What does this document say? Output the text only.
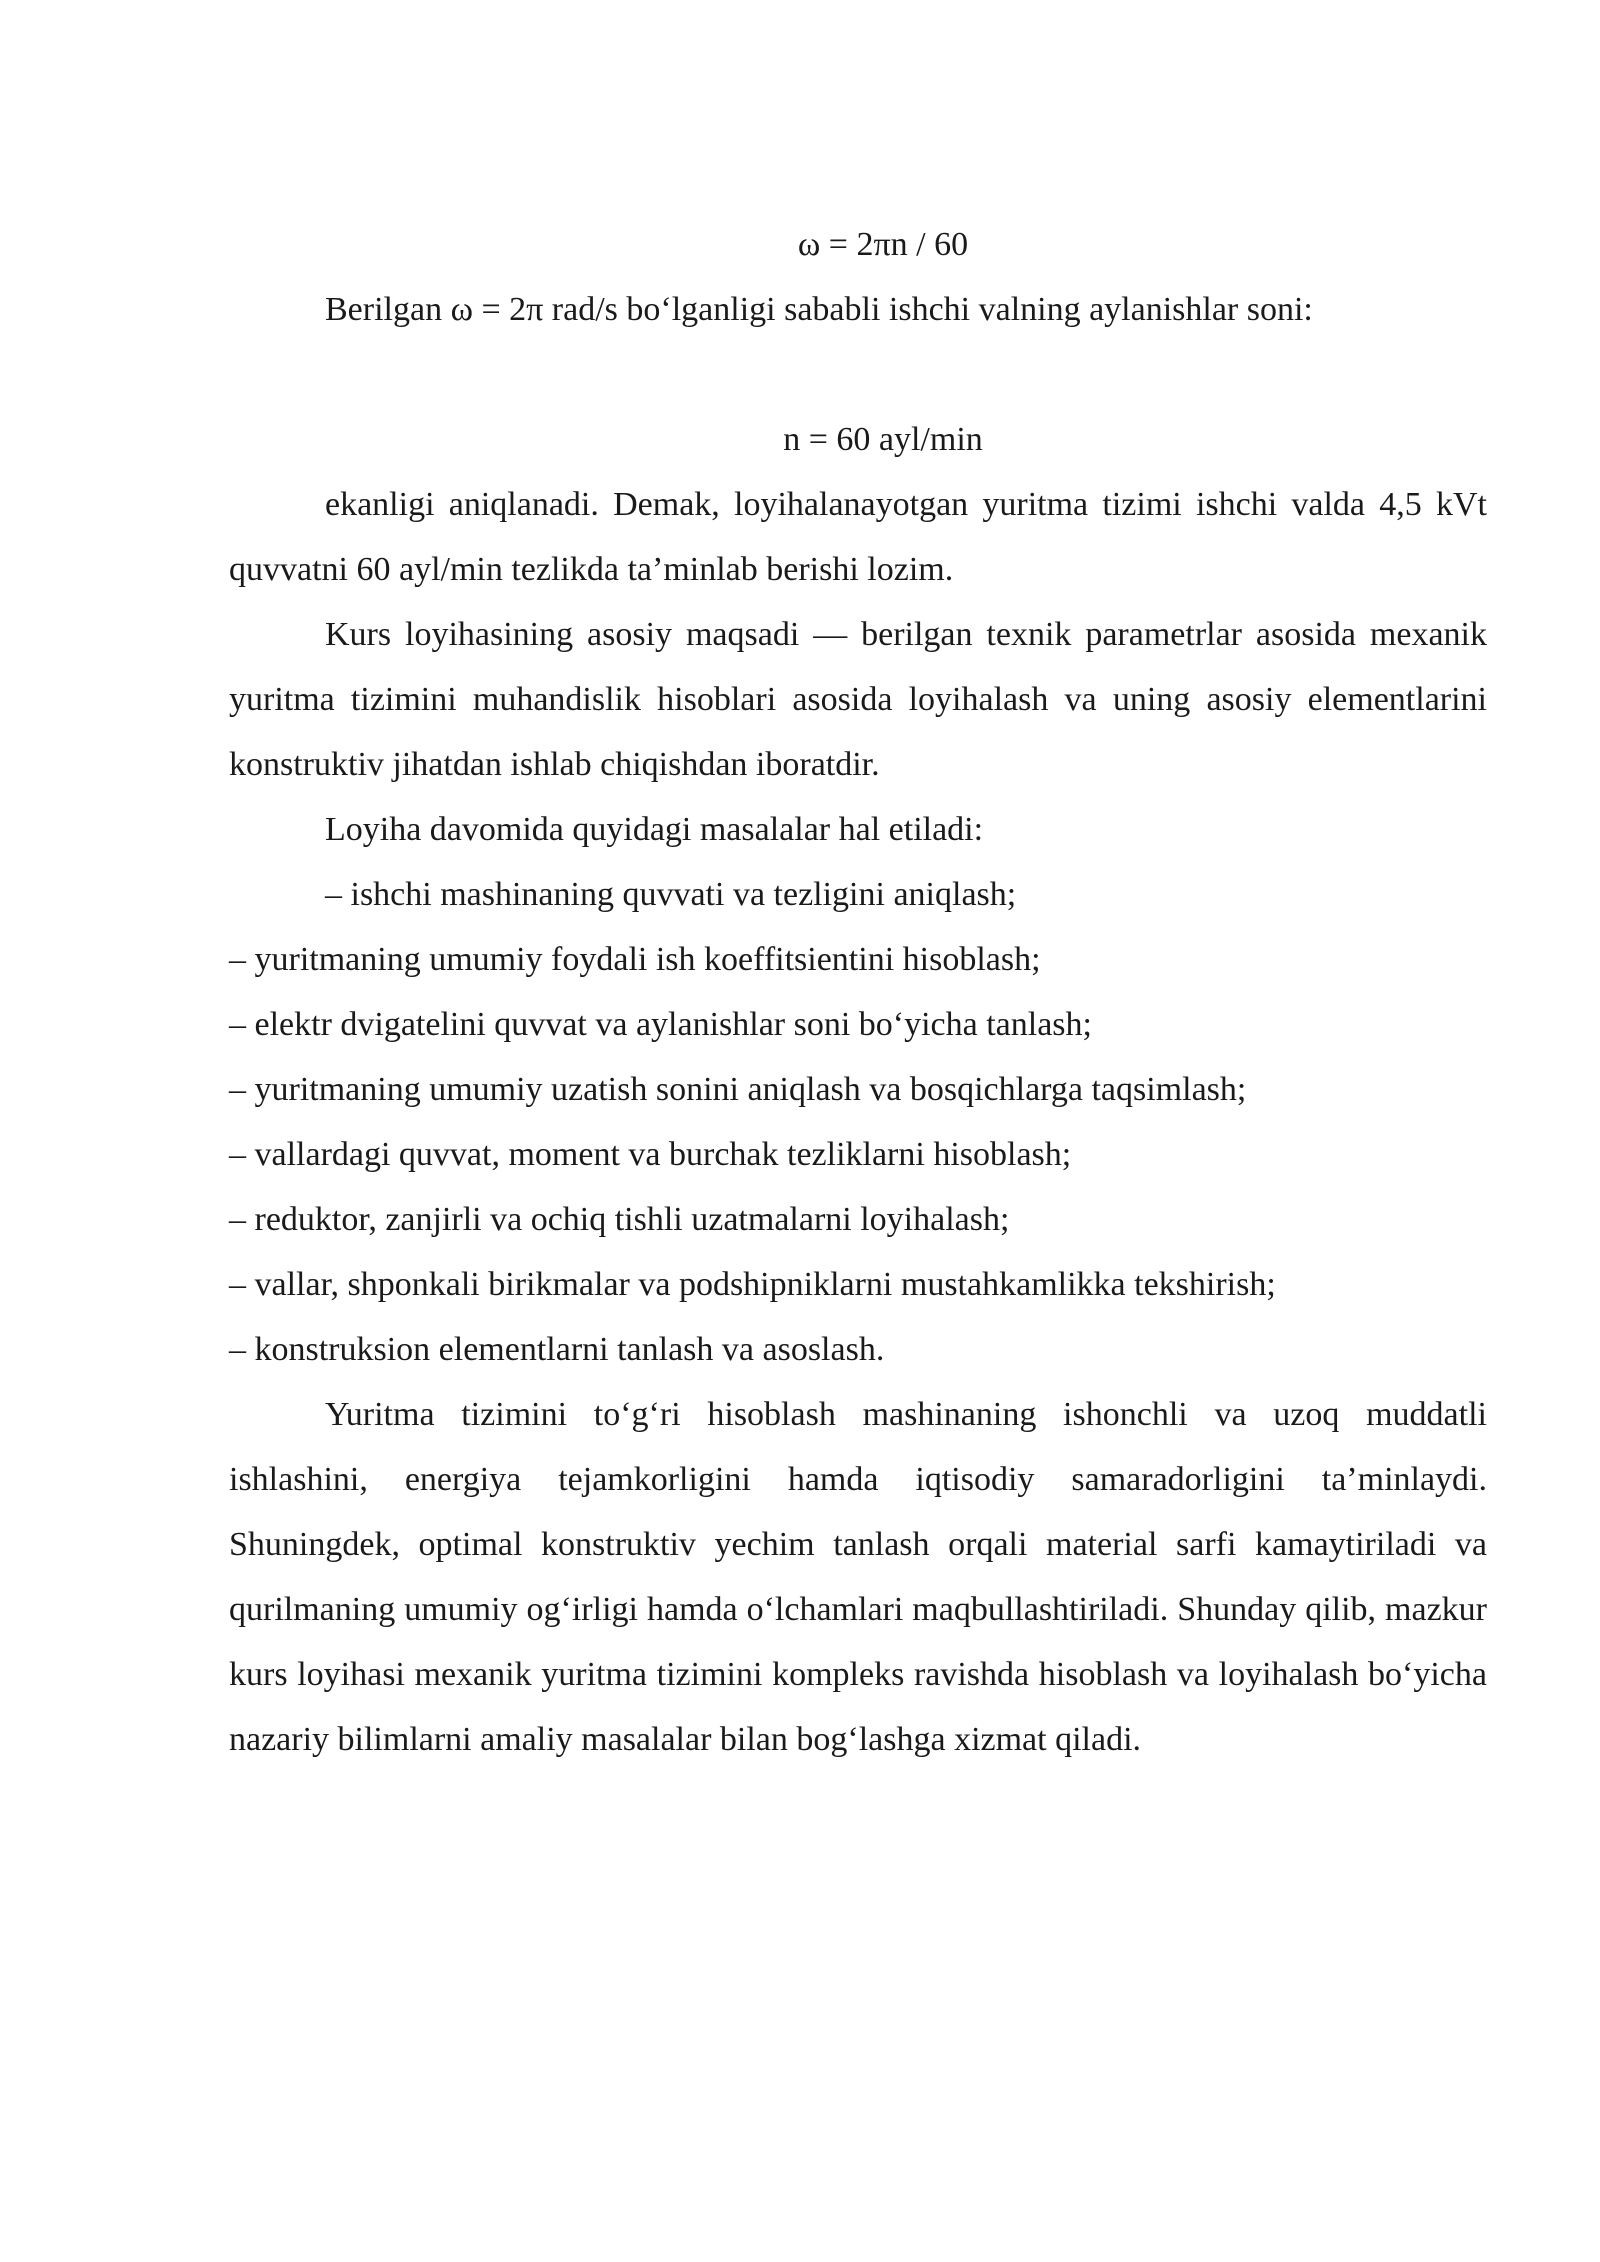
ω = 2πn / 60

Berilgan ω = 2π rad/s bo‘lganligi sababli ishchi valning aylanishlar soni:

n = 60 ayl/min

ekanligi aniqlanadi. Demak, loyihalanayotgan yuritma tizimi ishchi valda 4,5 kVt quvvatni 60 ayl/min tezlikda ta’minlab berishi lozim.

Kurs loyihasining asosiy maqsadi — berilgan texnik parametrlar asosida mexanik yuritma tizimini muhandislik hisoblari asosida loyihalash va uning asosiy elementlarini konstruktiv jihatdan ishlab chiqishdan iboratdir.

Loyiha davomida quyidagi masalalar hal etiladi:

– ishchi mashinaning quvvati va tezligini aniqlash;

– yuritmaning umumiy foydali ish koeffitsientini hisoblash;
– elektr dvigatelini quvvat va aylanishlar soni bo‘yicha tanlash;
– yuritmaning umumiy uzatish sonini aniqlash va bosqichlarga taqsimlash;
– vallardagi quvvat, moment va burchak tezliklarni hisoblash;
– reduktor, zanjirli va ochiq tishli uzatmalarni loyihalash;
– vallar, shponkali birikmalar va podshipniklarni mustahkamlikka tekshirish;
– konstruksion elementlarni tanlash va asoslash.

Yuritma tizimini to‘g‘ri hisoblash mashinaning ishonchli va uzoq muddatli ishlashini, energiya tejamkorligini hamda iqtisodiy samaradorligini ta’minlaydi. Shuningdek, optimal konstruktiv yechim tanlash orqali material sarfi kamaytiriladi va qurilmaning umumiy og‘irligi hamda o‘lchamlari maqbullashtiriladi. Shunday qilib, mazkur kurs loyihasi mexanik yuritma tizimini kompleks ravishda hisoblash va loyihalash bo‘yicha nazariy bilimlarni amaliy masalalar bilan bog‘lashga xizmat qiladi.
